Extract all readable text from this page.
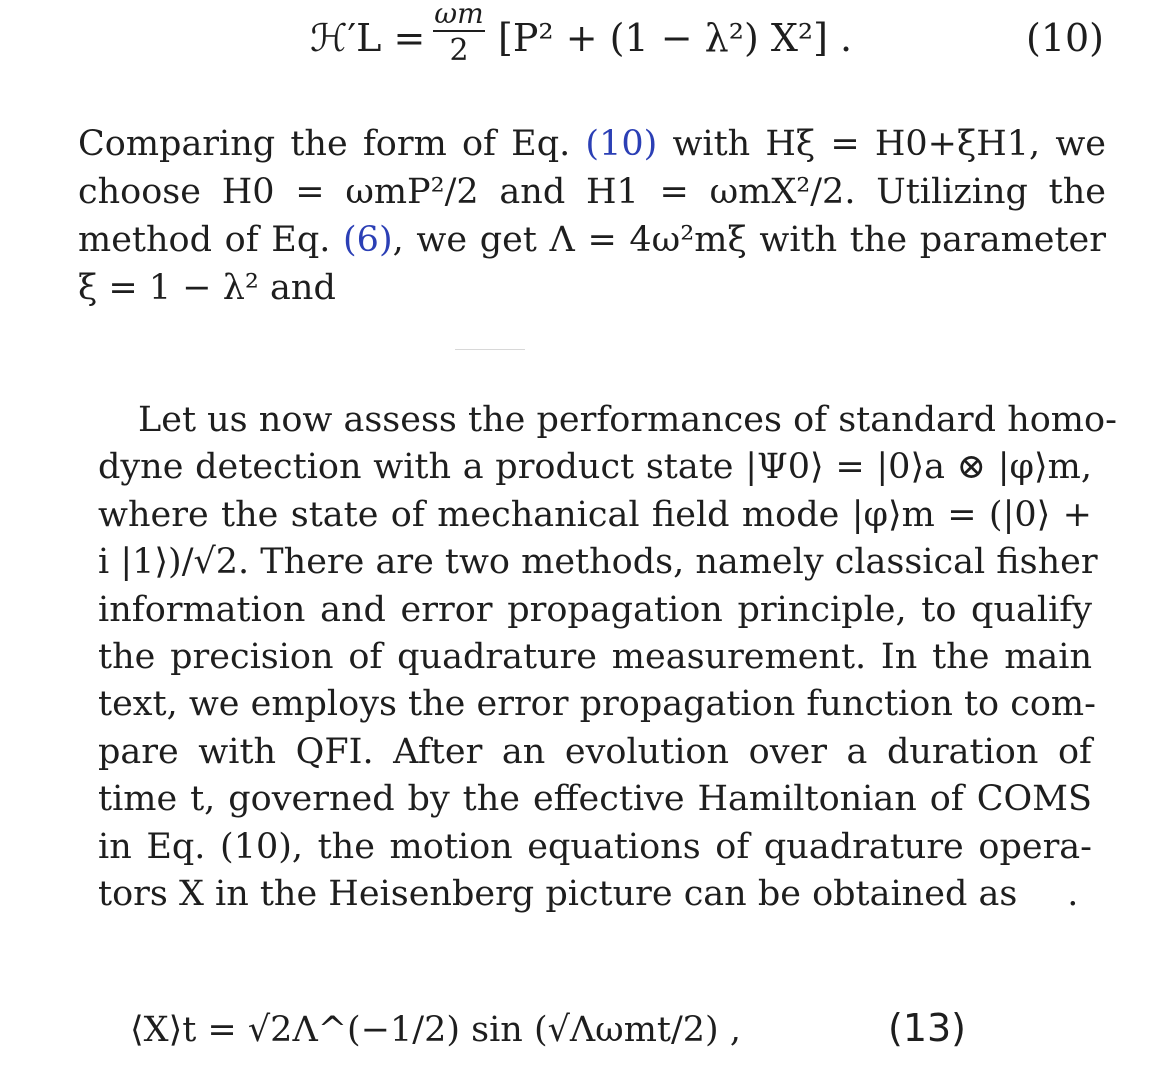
ℋ′L = $\frac{\omega m}{2} [P^2 + (1 - \lambda^2)$ X²] .	(10)
Comparing the form of Eq. (10) with Hξ = H0+ξH1, we
choose H0 = ωmP²/2 and H1 = ωmX²/2. Utilizing the
method of Eq. (6), we get Λ = 4ω²mξ with the parameter
ξ = 1 − λ² and
Let us now assess the performances of standard homo-
dyne detection with a product state |Ψ0⟩ = |0⟩a ⊗ |φ⟩m,
where the state of mechanical field mode |φ⟩m = (|0⟩ +
i |1⟩)/√2. There are two methods, namely classical fisher
information and error propagation principle, to qualify
the precision of quadrature measurement. In the main
text, we employs the error propagation function to com-
pare with QFI. After an evolution over a duration of
time t, governed by the effective Hamiltonian of COMS
in Eq. (10), the motion equations of quadrature opera-
tors X in the Heisenberg picture can be obtained as .
⟨X⟩t = √2Λ^(−1/2) sin (√Λωmt/2) ,	(13)
